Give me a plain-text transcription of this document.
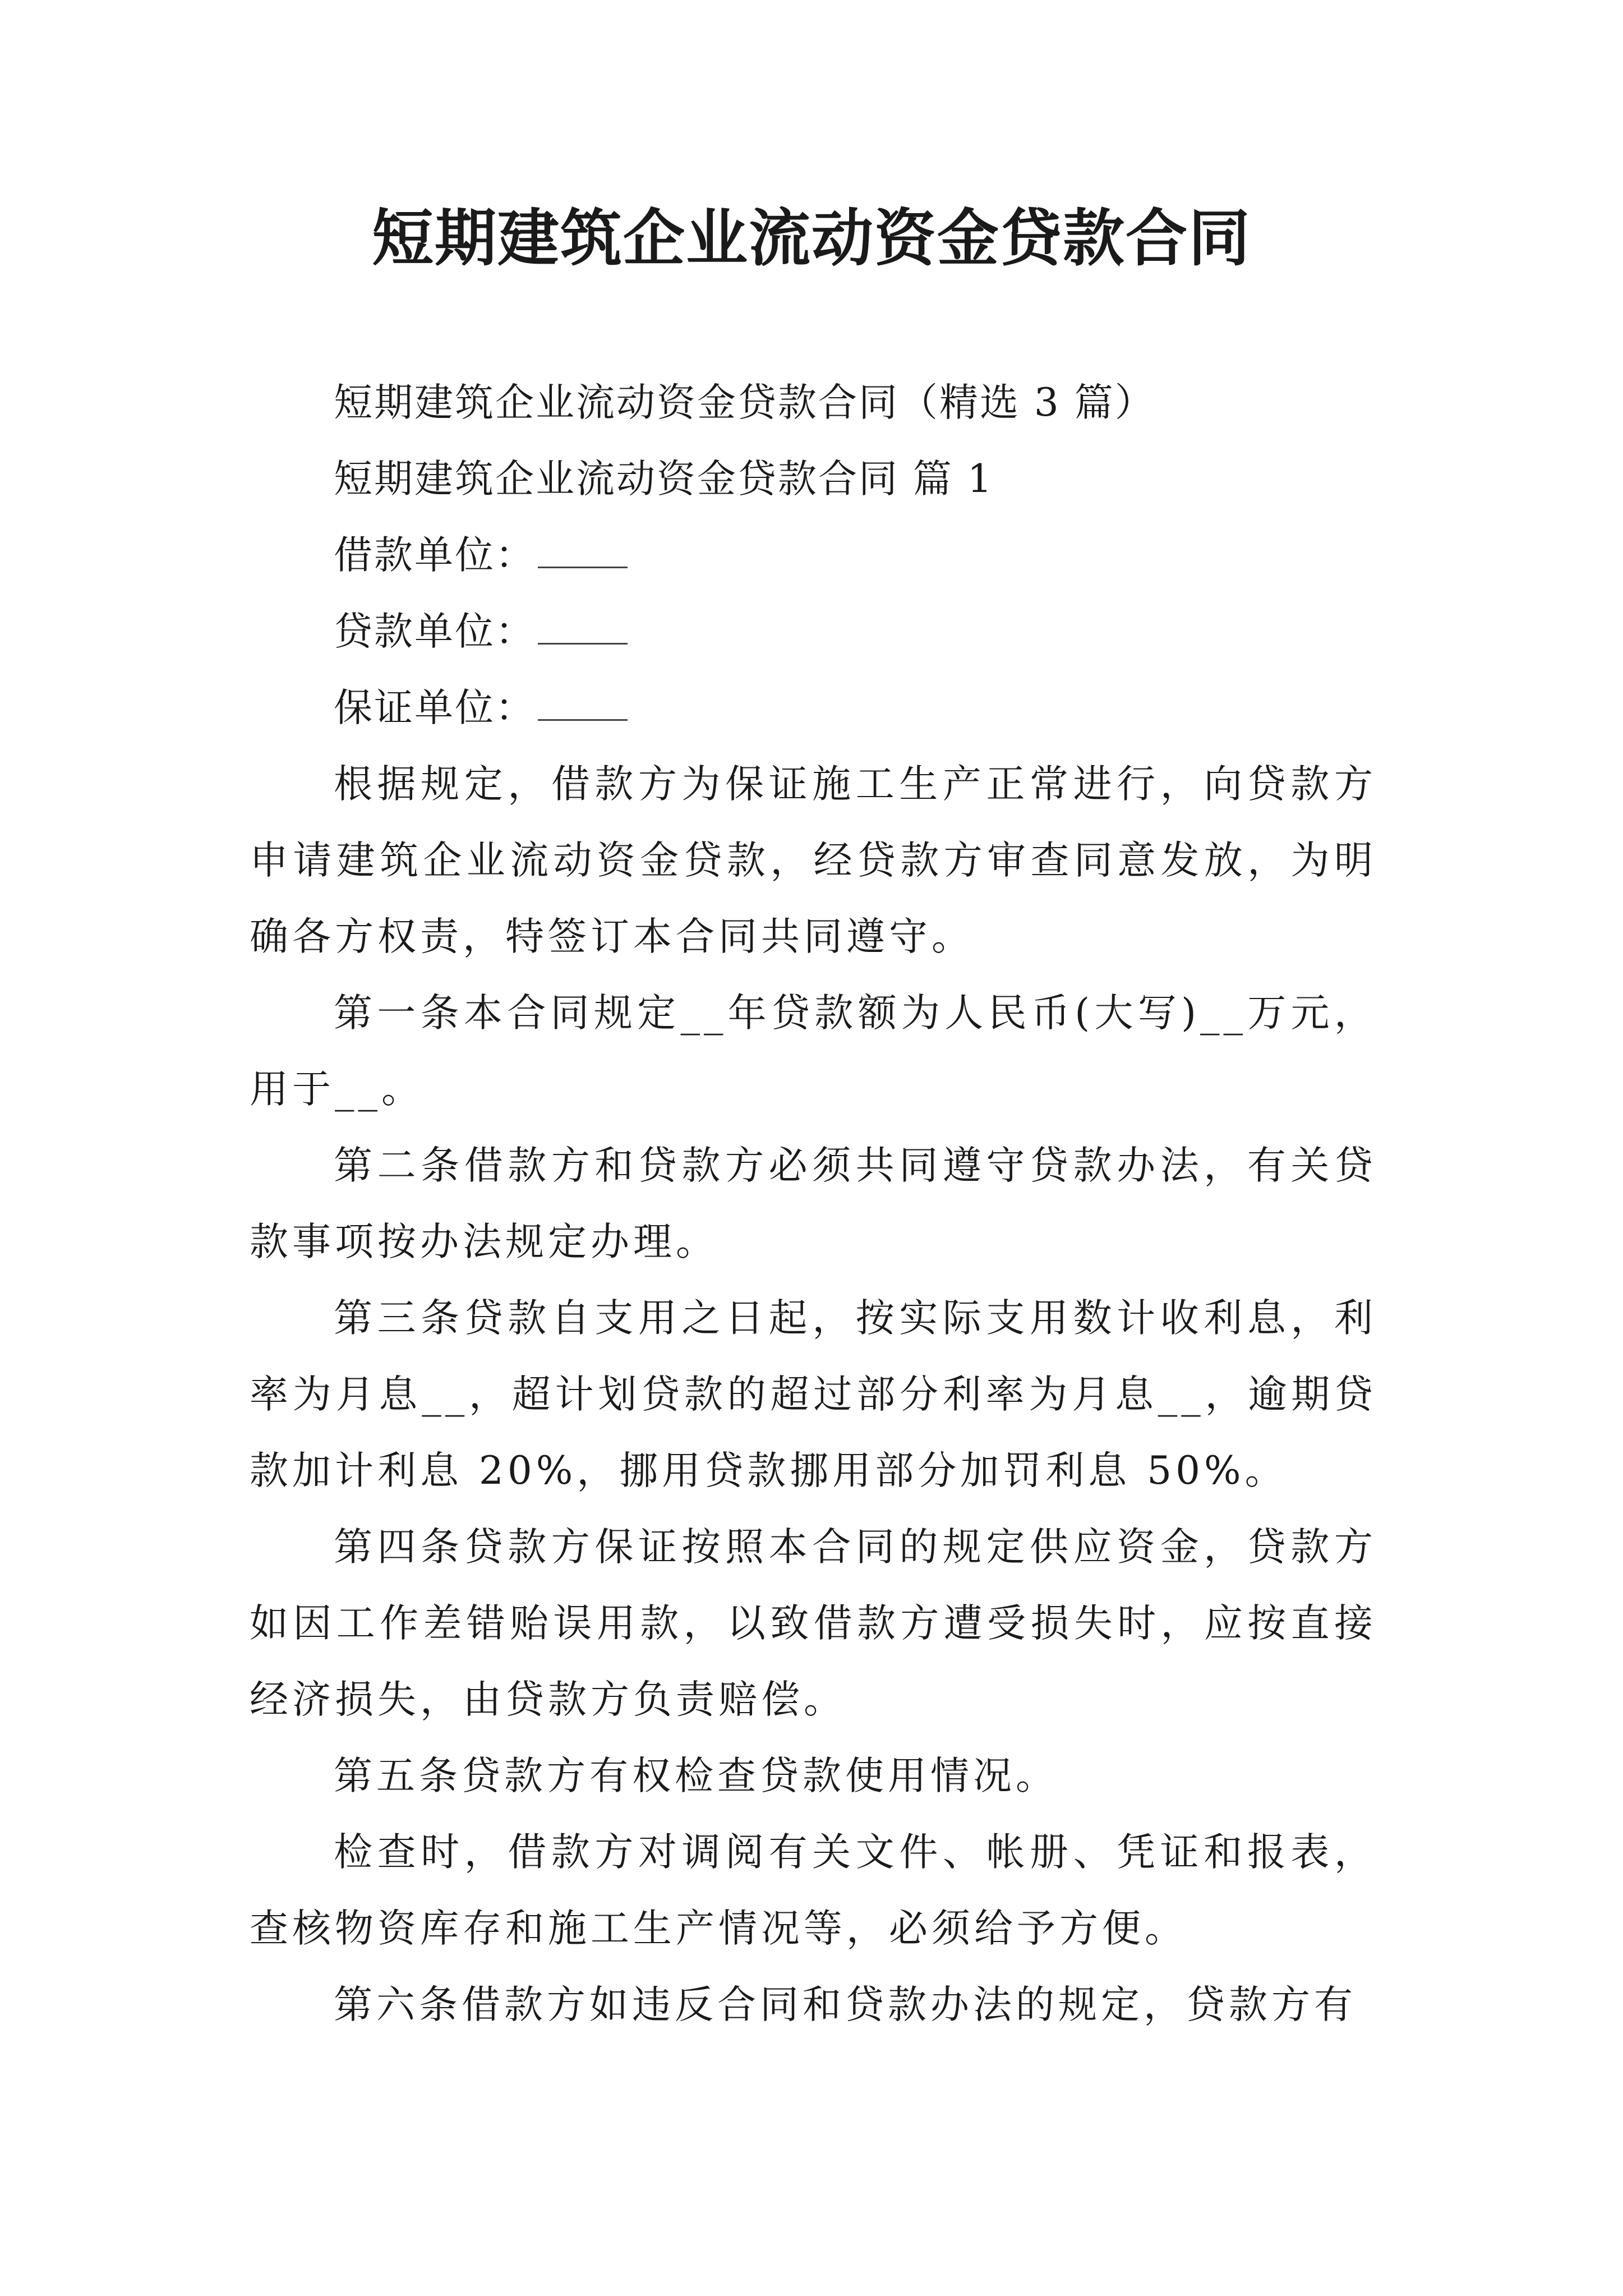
短期建筑企业流动资金贷款合同

短期建筑企业流动资金贷款合同（精选 3 篇）

短期建筑企业流动资金贷款合同 篇 1

借款单位：

贷款单位：

保证单位：

根据规定，借款方为保证施工生产正常进行，向贷款方申请建筑企业流动资金贷款，经贷款方审查同意发放，为明确各方权责，特签订本合同共同遵守。

第一条本合同规定__年贷款额为人民币(大写)__万元，用于__。

第二条借款方和贷款方必须共同遵守贷款办法，有关贷款事项按办法规定办理。

第三条贷款自支用之日起，按实际支用数计收利息，利率为月息__，超计划贷款的超过部分利率为月息__，逾期贷款加计利息 20%，挪用贷款挪用部分加罚利息 50%。

第四条贷款方保证按照本合同的规定供应资金，贷款方如因工作差错贻误用款，以致借款方遭受损失时，应按直接经济损失，由贷款方负责赔偿。

第五条贷款方有权检查贷款使用情况。

检查时，借款方对调阅有关文件、帐册、凭证和报表，查核物资库存和施工生产情况等，必须给予方便。

第六条借款方如违反合同和贷款办法的规定，贷款方有
